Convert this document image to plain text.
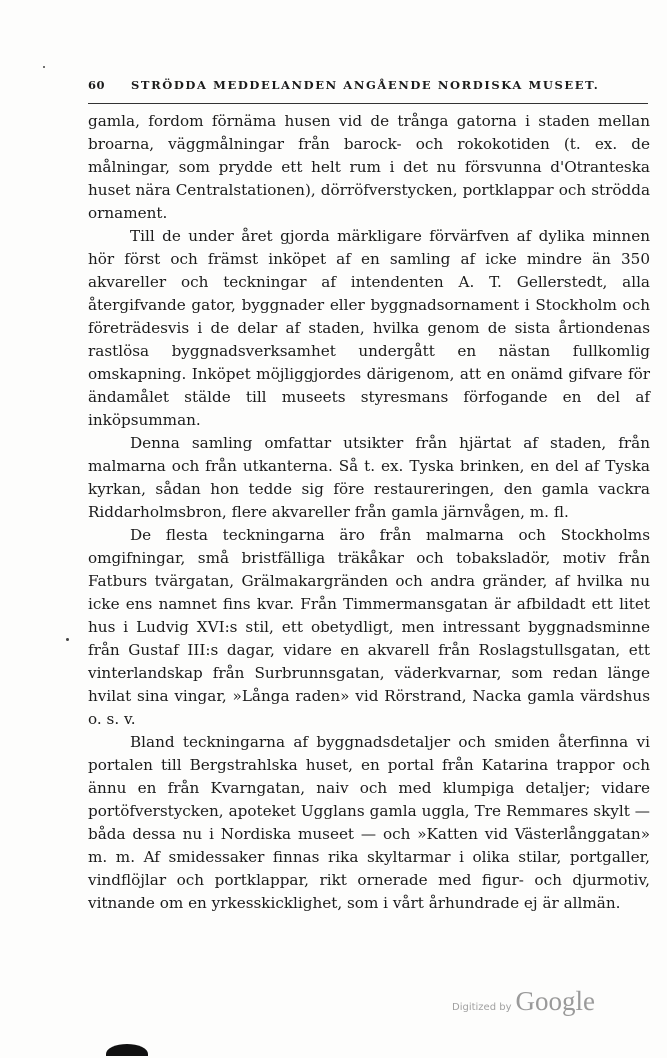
60 STRÖDDA MEDDELANDEN ANGÅENDE NORDISKA MUSEET.

gamla, fordom förnäma husen vid de trånga gatorna i staden mellan broarna, väggmålningar från barock- och rokokotiden (t. ex. de målningar, som prydde ett helt rum i det nu försvunna d'Otranteska huset nära Centralstationen), dörröfverstycken, portklappar och strödda ornament.

Till de under året gjorda märkligare förvärfven af dylika minnen hör först och främst inköpet af en samling af icke mindre än 350 akvareller och teckningar af intendenten A. T. Gellerstedt, alla återgifvande gator, byggnader eller byggnadsornament i Stockholm och företrädesvis i de delar af staden, hvilka genom de sista årtiondenas rastlösa byggnadsverksamhet undergått en nästan fullkomlig omskapning. Inköpet möjliggjordes därigenom, att en onämd gifvare för ändamålet stälde till museets styresmans förfogande en del af inköpsumman.

Denna samling omfattar utsikter från hjärtat af staden, från malmarna och från utkanterna. Så t. ex. Tyska brinken, en del af Tyska kyrkan, sådan hon tedde sig före restaureringen, den gamla vackra Riddarholmsbron, flere akvareller från gamla järnvågen, m. fl.

De flesta teckningarna äro från malmarna och Stockholms omgifningar, små bristfälliga träkåkar och tobaksladör, motiv från Fatburs tvärgatan, Grälmakargränden och andra gränder, af hvilka nu icke ens namnet fins kvar. Från Timmermansgatan är afbildadt ett litet hus i Ludvig XVI:s stil, ett obetydligt, men intressant byggnadsminne från Gustaf III:s dagar, vidare en akvarell från Roslagstullsgatan, ett vinterlandskap från Surbrunnsgatan, väderkvarnar, som redan länge hvilat sina vingar, »Långa raden» vid Rörstrand, Nacka gamla värdshus o. s. v.

Bland teckningarna af byggnadsdetaljer och smiden återfinna vi portalen till Bergstrahlska huset, en portal från Katarina trappor och ännu en från Kvarngatan, naiv och med klumpiga detaljer; vidare portöfverstycken, apoteket Ugglans gamla uggla, Tre Remmares skylt — båda dessa nu i Nordiska museet — och »Katten vid Västerlånggatan» m. m. Af smidessaker finnas rika skyltarmar i olika stilar, portgaller, vindflöjlar och portklappar, rikt ornerade med figur- och djurmotiv, vitnande om en yrkesskicklighet, som i vårt århundrade ej är allmän.

Digitized by Google
